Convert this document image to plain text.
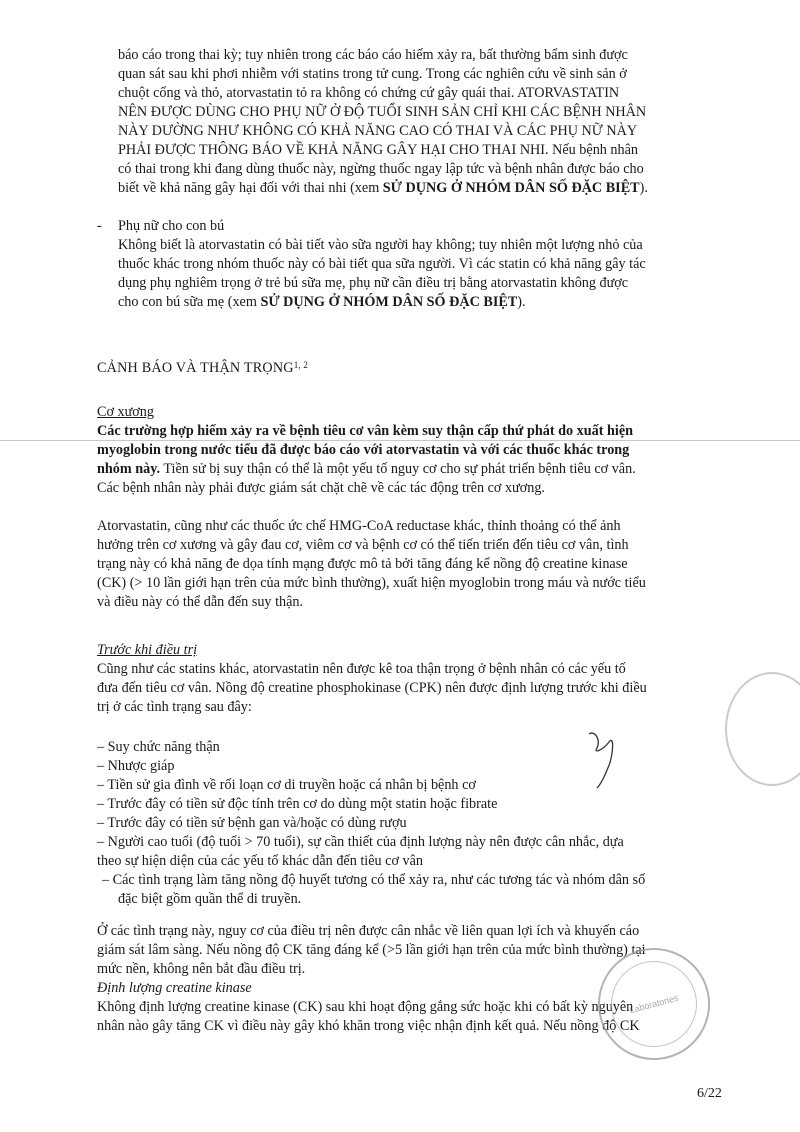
báo cáo trong thai kỳ; tuy nhiên trong các báo cáo hiếm xảy ra, bất thường bẩm sinh được

quan sát sau khi phơi nhiễm với statins trong tử cung. Trong các nghiên cứu về sinh sản ở

chuột cống và thỏ, atorvastatin tỏ ra không có chứng cứ gây quái thai. ATORVASTATIN

NÊN ĐƯỢC DÙNG CHO PHỤ NỮ Ở ĐỘ TUỔI SINH SẢN CHỈ KHI CÁC BỆNH NHÂN

NÀY DƯỜNG NHƯ KHÔNG CÓ KHẢ NĂNG CAO CÓ THAI VÀ CÁC PHỤ NỮ NÀY

PHẢI ĐƯỢC THÔNG BÁO VỀ KHẢ NĂNG GÂY HẠI CHO THAI NHI. Nếu bệnh nhân

có thai trong khi đang dùng thuốc này, ngừng thuốc ngay lập tức và bệnh nhân được báo cho

biết về khả năng gây hại đối với thai nhi (xem SỬ DỤNG Ở NHÓM DÂN SỐ ĐẶC BIỆT).

- Phụ nữ cho con bú

Không biết là atorvastatin có bài tiết vào sữa người hay không; tuy nhiên một lượng nhỏ của

thuốc khác trong nhóm thuốc này có bài tiết qua sữa người. Vì các statin có khả năng gây tác

dụng phụ nghiêm trọng ở trẻ bú sữa mẹ, phụ nữ cần điều trị bằng atorvastatin không được

cho con bú sữa mẹ (xem SỬ DỤNG Ở NHÓM DÂN SỐ ĐẶC BIỆT).

CẢNH BÁO VÀ THẬN TRỌNG$^{1, 2}$
Cơ xương

Các trường hợp hiếm xảy ra về bệnh tiêu cơ vân kèm suy thận cấp thứ phát do xuất hiện

myoglobin trong nước tiểu đã được báo cáo với atorvastatin và với các thuốc khác trong

nhóm này. Tiền sử bị suy thận có thể là một yếu tố nguy cơ cho sự phát triển bệnh tiêu cơ vân.

Các bệnh nhân này phải được giám sát chặt chẽ về các tác động trên cơ xương.

Atorvastatin, cũng như các thuốc ức chế HMG-CoA reductase khác, thỉnh thoảng có thể ảnh

hưởng trên cơ xương và gây đau cơ, viêm cơ và bệnh cơ có thể tiến triển đến tiêu cơ vân, tình

trạng này có khả năng đe dọa tính mạng được mô tả bởi tăng đáng kể nồng độ creatine kinase

(CK) (> 10 lần giới hạn trên của mức bình thường), xuất hiện myoglobin trong máu và nước tiểu

và điều này có thể dẫn đến suy thận.

Trước khi điều trị

Cũng như các statins khác, atorvastatin nên được kê toa thận trọng ở bệnh nhân có các yếu tố

đưa đến tiêu cơ vân. Nồng độ creatine phosphokinase (CPK) nên được định lượng trước khi điều

trị ở các tình trạng sau đây:

– Suy chức năng thận
– Nhược giáp
– Tiền sử gia đình về rối loạn cơ di truyền hoặc cá nhân bị bệnh cơ
– Trước đây có tiền sử độc tính trên cơ do dùng một statin hoặc fibrate
– Trước đây có tiền sử bệnh gan và/hoặc có dùng rượu
– Người cao tuổi (độ tuổi > 70 tuổi), sự cần thiết của định lượng này nên được cân nhắc, dựa
theo sự hiện diện của các yếu tố khác dẫn đến tiêu cơ vân

– Các tình trạng làm tăng nồng độ huyết tương có thể xảy ra, như các tương tác và nhóm dân số

đặc biệt gồm quần thể di truyền.

Ở các tình trạng này, nguy cơ của điều trị nên được cân nhắc về liên quan lợi ích và khuyến cáo

giám sát lâm sàng. Nếu nồng độ CK tăng đáng kể (>5 lần giới hạn trên của mức bình thường) tại

mức nền, không nên bắt đầu điều trị.

Định lượng creatine kinase

Không định lượng creatine kinase (CK) sau khi hoạt động gắng sức hoặc khi có bất kỳ nguyên

nhân nào gây tăng CK vì điều này gây khó khăn trong việc nhận định kết quả. Nếu nồng độ CK

Laboratories
6/22
